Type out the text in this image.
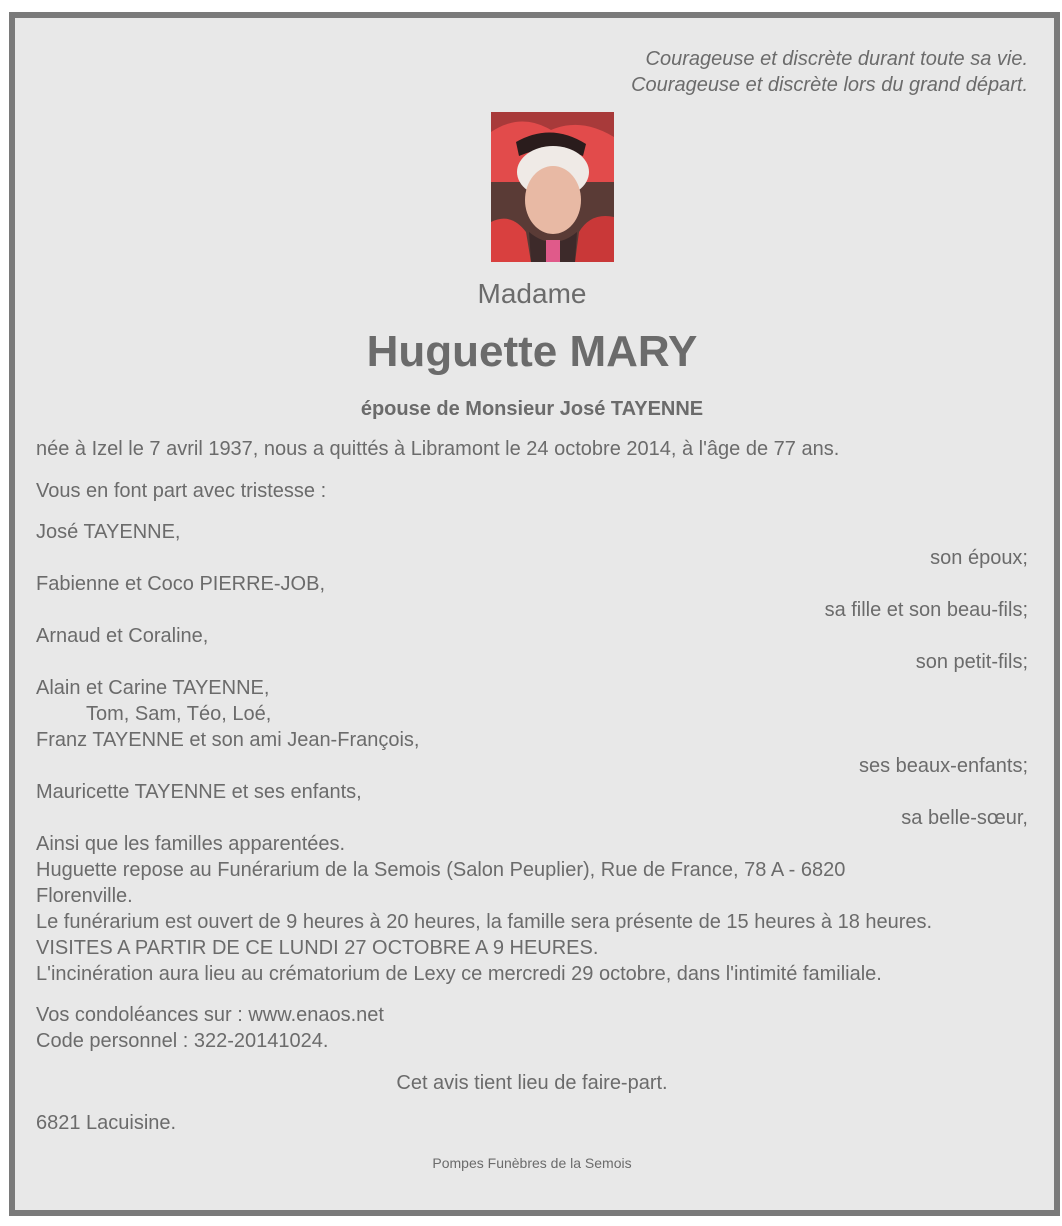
Courageuse et discrète durant toute sa vie.
Courageuse et discrète lors du grand départ.
Madame
Huguette MARY
épouse de Monsieur José TAYENNE
née à Izel le 7 avril 1937, nous a quittés à Libramont le 24 octobre 2014, à l'âge de 77 ans.
Vous en font part avec tristesse :
José TAYENNE,
son époux;
Fabienne et Coco PIERRE-JOB,
sa fille et son beau-fils;
Arnaud et Coraline,
son petit-fils;
Alain et Carine TAYENNE,
Tom, Sam, Téo, Loé,
Franz TAYENNE et son ami Jean-François,
ses beaux-enfants;
Mauricette TAYENNE et ses enfants,
sa belle-sœur,
Ainsi que les familles apparentées.
Huguette repose au Funérarium de la Semois (Salon Peuplier), Rue de France, 78 A - 6820
Florenville.
Le funérarium est ouvert de 9 heures à 20 heures, la famille sera présente de 15 heures à 18 heures.
VISITES A PARTIR DE CE LUNDI 27 OCTOBRE A 9 HEURES.
L'incinération aura lieu au crématorium de Lexy ce mercredi 29 octobre, dans l'intimité familiale.
Vos condoléances sur : www.enaos.net
Code personnel : 322-20141024.
Cet avis tient lieu de faire-part.
6821 Lacuisine.
Pompes Funèbres de la Semois
